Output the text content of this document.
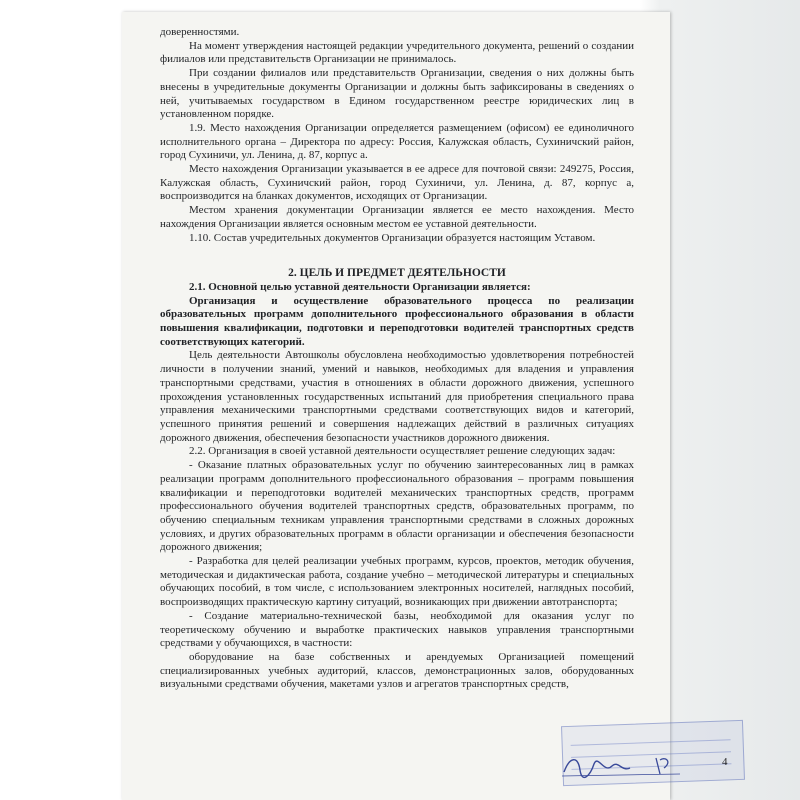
доверенностями.

На момент утверждения настоящей редакции учредительного документа, решений о создании филиалов или представительств Организации не принималось.

При создании филиалов или представительств Организации, сведения о них должны быть внесены в учредительные документы Организации и должны быть зафиксированы в сведениях о ней, учитываемых государством в Едином государственном реестре юридических лиц в установленном порядке.

1.9. Место нахождения Организации определяется размещением (офисом) ее единоличного исполнительного органа – Директора по адресу: Россия, Калужская область, Сухиничский район, город Сухиничи, ул. Ленина, д. 87, корпус а.

Место нахождения Организации указывается в ее адресе для почтовой связи: 249275, Россия, Калужская область, Сухиничский район, город Сухиничи, ул. Ленина, д. 87, корпус а, воспроизводится на бланках документов, исходящих от Организации.

Местом хранения документации Организации является ее место нахождения. Место нахождения Организации является основным местом ее уставной деятельности.

1.10. Состав учредительных документов Организации образуется настоящим Уставом.

2. ЦЕЛЬ И ПРЕДМЕТ ДЕЯТЕЛЬНОСТИ

2.1. Основной целью уставной деятельности Организации является:

Организация и осуществление образовательного процесса по реализации образовательных программ дополнительного профессионального образования в области повышения квалификации, подготовки и переподготовки водителей транспортных средств соответствующих категорий.

Цель деятельности Автошколы обусловлена необходимостью удовлетворения потребностей личности в получении знаний, умений и навыков, необходимых для владения и управления транспортными средствами, участия в отношениях в области дорожного движения, успешного прохождения установленных государственных испытаний для приобретения специального права управления механическими транспортными средствами соответствующих видов и категорий, успешного принятия решений и совершения надлежащих действий в различных ситуациях дорожного движения, обеспечения безопасности участников дорожного движения.

2.2. Организация в своей уставной деятельности осуществляет решение следующих задач:

- Оказание платных образовательных услуг по обучению заинтересованных лиц в рамках реализации программ дополнительного профессионального образования – программ повышения квалификации и переподготовки водителей механических транспортных средств, программ профессионального обучения водителей транспортных средств, образовательных программ, по обучению специальным техникам управления транспортными средствами в сложных дорожных условиях, и других образовательных программ в области организации и обеспечения безопасности дорожного движения;

- Разработка для целей реализации учебных программ, курсов, проектов, методик обучения, методическая и дидактическая работа, создание учебно – методической литературы и специальных обучающих пособий, в том числе, с использованием электронных носителей, наглядных пособий, воспроизводящих практическую картину ситуаций, возникающих при движении автотранспорта;

- Создание материально-технической базы, необходимой для оказания услуг по теоретическому обучению и выработке практических навыков управления транспортными средствами у обучающихся, в частности:

оборудование на базе собственных и арендуемых Организацией помещений специализированных учебных аудиторий, классов, демонстрационных залов, оборудованных визуальными средствами обучения, макетами узлов и агрегатов транспортных средств,

4
